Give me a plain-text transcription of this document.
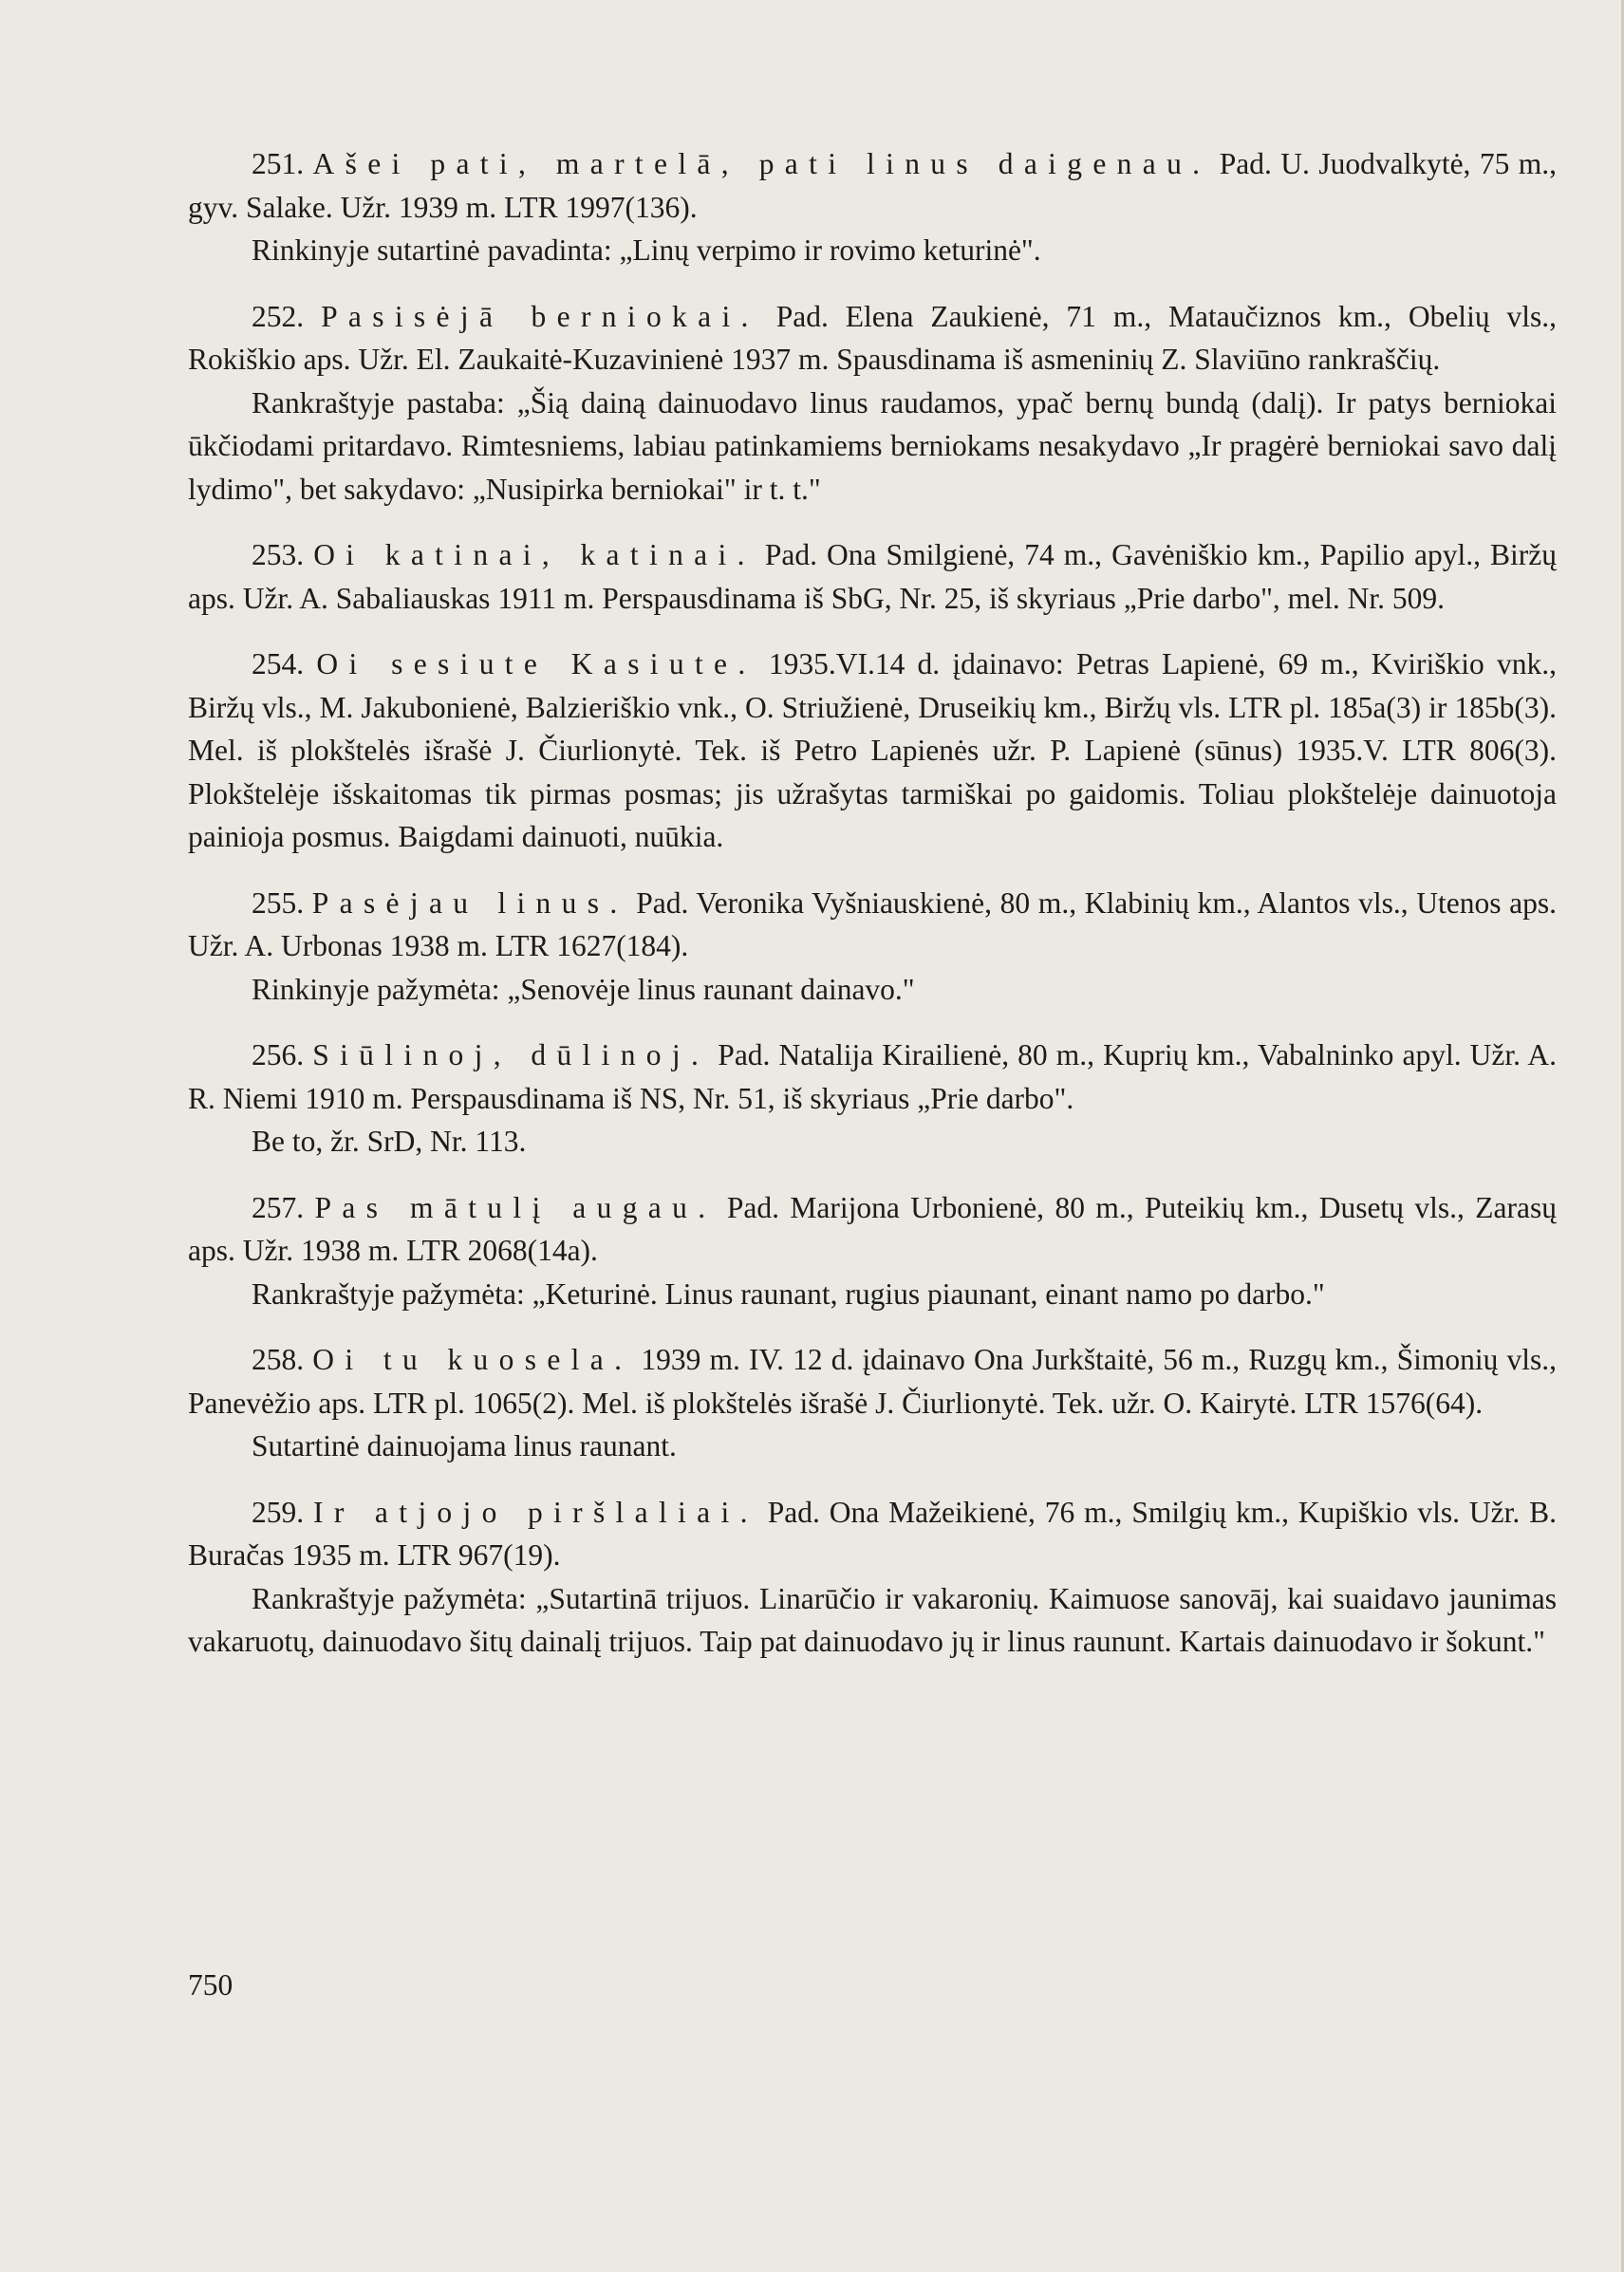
251. Ašei pati, martelā, pati linus daigenau. Pad. U. Juodvalkytė, 75 m., gyv. Salake. Užr. 1939 m. LTR 1997(136).

Rinkinyje sutartinė pavadinta: „Linų verpimo ir rovimo keturinė".

252. Pasisėjā berniokai. Pad. Elena Zaukienė, 71 m., Mataučiznos km., Obelių vls., Rokiškio aps. Užr. El. Zaukaitė-Kuzavinienė 1937 m. Spausdinama iš asmeninių Z. Slaviūno rankraščių.

Rankraštyje pastaba: „Šią dainą dainuodavo linus raudamos, ypač bernų bundą (dalį). Ir patys berniokai ūkčiodami pritardavo. Rimtesniems, labiau patinkamiems berniokams nesakydavo „Ir pragėrė berniokai savo dalį lydimo", bet sakydavo: „Nusipirka berniokai" ir t. t."

253. Oi katinai, katinai. Pad. Ona Smilgienė, 74 m., Gavėniškio km., Papilio apyl., Biržų aps. Užr. A. Sabaliauskas 1911 m. Perspausdinama iš SbG, Nr. 25, iš skyriaus „Prie darbo", mel. Nr. 509.

254. Oi sesiute Kasiute. 1935.VI.14 d. įdainavo: Petras Lapienė, 69 m., Kviriškio vnk., Biržų vls., M. Jakubonienė, Balzieriškio vnk., O. Striužienė, Druseikių km., Biržų vls. LTR pl. 185a(3) ir 185b(3). Mel. iš plokštelės išrašė J. Čiurlionytė. Tek. iš Petro Lapienės užr. P. Lapienė (sūnus) 1935.V. LTR 806(3). Plokštelėje išskaitomas tik pirmas posmas; jis užrašytas tarmiškai po gaidomis. Toliau plokštelėje dainuotoja painioja posmus. Baigdami dainuoti, nuūkia.

255. Pasėjau linus. Pad. Veronika Vyšniauskienė, 80 m., Klabinių km., Alantos vls., Utenos aps. Užr. A. Urbonas 1938 m. LTR 1627(184).

Rinkinyje pažymėta: „Senovėje linus raunant dainavo."

256. Siūlinoj, dūlinoj. Pad. Natalija Kirailienė, 80 m., Kuprių km., Vabalninko apyl. Užr. A. R. Niemi 1910 m. Perspausdinama iš NS, Nr. 51, iš skyriaus „Prie darbo".

Be to, žr. SrD, Nr. 113.

257. Pas mātulį augau. Pad. Marijona Urbonienė, 80 m., Puteikių km., Dusetų vls., Zarasų aps. Užr. 1938 m. LTR 2068(14a).

Rankraštyje pažymėta: „Keturinė. Linus raunant, rugius piaunant, einant namo po darbo."

258. Oi tu kuosela. 1939 m. IV. 12 d. įdainavo Ona Jurkštaitė, 56 m., Ruzgų km., Šimonių vls., Panevėžio aps. LTR pl. 1065(2). Mel. iš plokštelės išrašė J. Čiurlionytė. Tek. užr. O. Kairytė. LTR 1576(64).

Sutartinė dainuojama linus raunant.

259. Ir atjojo piršlaliai. Pad. Ona Mažeikienė, 76 m., Smilgių km., Kupiškio vls. Užr. B. Buračas 1935 m. LTR 967(19).

Rankraštyje pažymėta: „Sutartinā trijuos. Linarūčio ir vakaronių. Kaimuose sanovāj, kai suaidavo jaunimas vakaruotų, dainuodavo šitų dainalį trijuos. Taip pat dainuodavo jų ir linus raununt. Kartais dainuodavo ir šokunt."

750
